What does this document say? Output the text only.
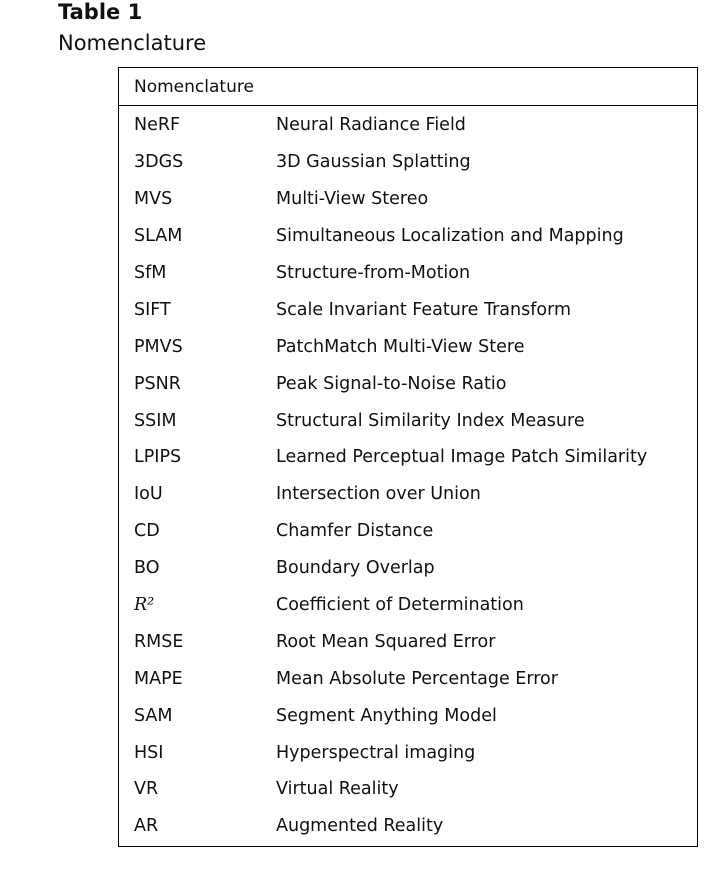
Table 1
Nomenclature
Nomenclature
NeRF	Neural Radiance Field
3DGS	3D Gaussian Splatting
MVS	Multi-View Stereo
SLAM	Simultaneous Localization and Mapping
SfM	Structure-from-Motion
SIFT	Scale Invariant Feature Transform
PMVS	PatchMatch Multi-View Stere
PSNR	Peak Signal-to-Noise Ratio
SSIM	Structural Similarity Index Measure
LPIPS	Learned Perceptual Image Patch Similarity
IoU	Intersection over Union
CD	Chamfer Distance
BO	Boundary Overlap
R²	Coefficient of Determination
RMSE	Root Mean Squared Error
MAPE	Mean Absolute Percentage Error
SAM	Segment Anything Model
HSI	Hyperspectral imaging
VR	Virtual Reality
AR	Augmented Reality
